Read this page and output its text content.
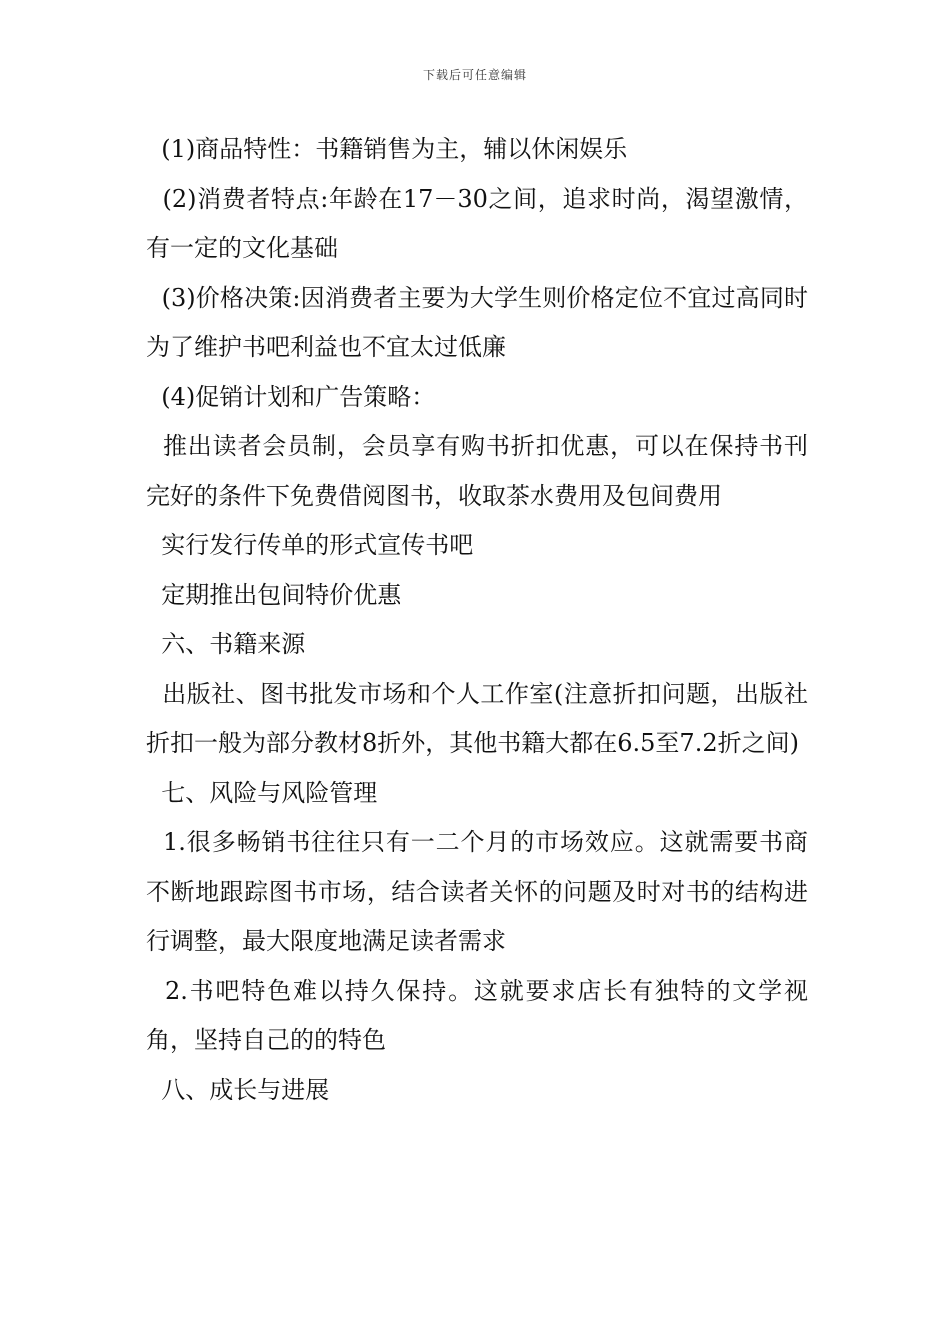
下载后可任意编辑

(1)商品特性：书籍销售为主，辅以休闲娱乐

(2)消费者特点:年龄在17－30之间，追求时尚，渴望激情，有一定的文化基础

(3)价格决策:因消费者主要为大学生则价格定位不宜过高同时为了维护书吧利益也不宜太过低廉

(4)促销计划和广告策略：

推出读者会员制，会员享有购书折扣优惠，可以在保持书刊完好的条件下免费借阅图书，收取茶水费用及包间费用

实行发行传单的形式宣传书吧

定期推出包间特价优惠

六、书籍来源

出版社、图书批发市场和个人工作室(注意折扣问题，出版社折扣一般为部分教材8折外，其他书籍大都在6.5至7.2折之间)

七、风险与风险管理

1.很多畅销书往往只有一二个月的市场效应。这就需要书商不断地跟踪图书市场，结合读者关怀的问题及时对书的结构进行调整，最大限度地满足读者需求

2.书吧特色难以持久保持。这就要求店长有独特的文学视角，坚持自己的的特色

八、成长与进展
